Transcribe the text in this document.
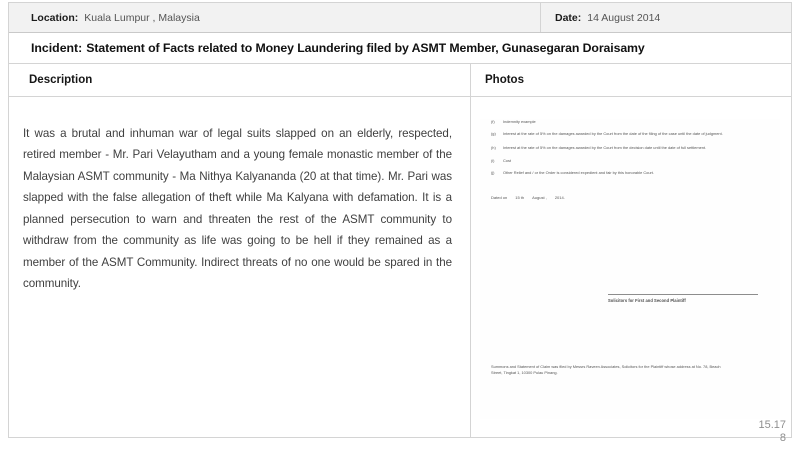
Location: Kuala Lumpur , Malaysia	Date: 14 August 2014
Incident: Statement of Facts related to Money Laundering filed by ASMT Member, Gunasegaran Doraisamy
Description	Photos
It was a brutal and inhuman war of legal suits slapped on an elderly, respected, retired member - Mr. Pari Velayutham and a young female monastic member of the Malaysian ASMT community - Ma Nithya Kalyananda (20 at that time). Mr. Pari was slapped with the false allegation of theft while Ma Kalyana with defamation. It is a planned persecution to warn and threaten the rest of the ASMT community to withdraw from the community as life was going to be hell if they remained as a member of the ASMT Community. Indirect threats of no one would be spared in the community.
(f)	Indemnity example
(g)	Interest at the rate of 5% on the damages awarded by the Court from the date of the filing of the case until the date of judgment.
(h)	Interest at the rate of 5% on the damages awarded by the Court from the decision date until the date of full settlement.
(i)	Cost
(j)	Other Relief and / or the Order is considered expedient and fair by this honorable Court.
Dated on 15 th August , 2014.
Solicitors for First and Second Plaintiff
Summons and Statement of Claim was filed by Messrs Raveen Associates, Solicitors for the Plaintiff whose address at No. 78, Beach Street, Tingkat 1, 10300 Pulau Pinang.
15.17
8
